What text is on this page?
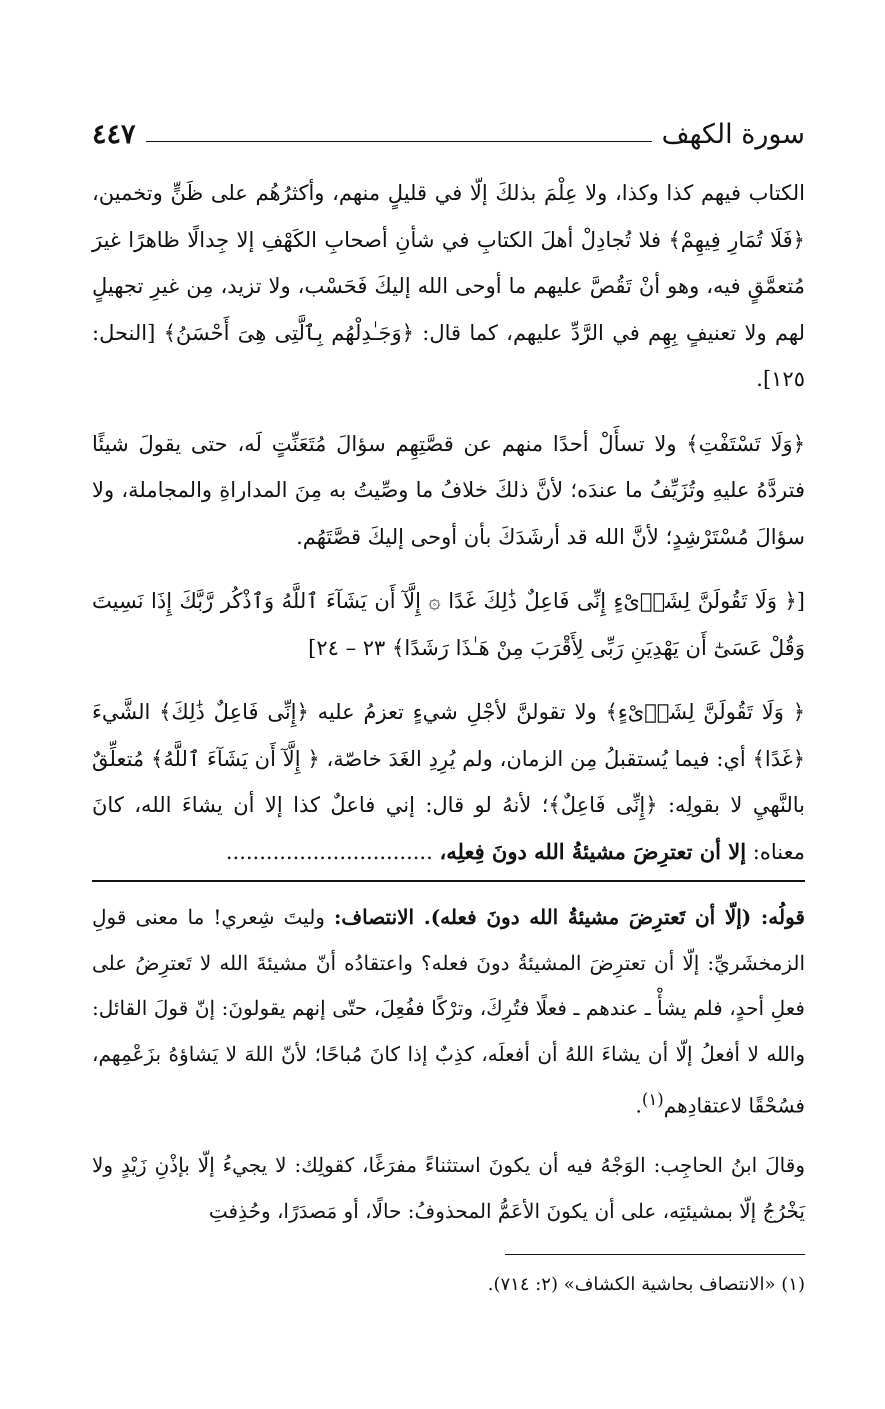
سورة الكهف
٤٤٧

الكتاب فيهم كذا وكذا، ولا عِلْمَ بذلكَ إلّا في قليلٍ منهم، وأكثرُهُم على ظَنٍّ وتخمين، ﴿فَلَا تُمَارِ فِيهِمْ﴾ فلا تُجادِلْ أهلَ الكتابِ في شأنِ أصحابِ الكَهْفِ إلا جِدالًا ظاهرًا غيرَ مُتعمَّقٍ فيه، وهو أنْ تَقُصَّ عليهم ما أوحى الله إليكَ فَحَسْب، ولا تزيد، مِن غيرِ تجهيلٍ لهم ولا تعنيفٍ بِهِم في الرَّدِّ عليهم، كما قال: ﴿وَجَـٰدِلْهُم بِٱلَّتِى هِىَ أَحْسَنُ﴾ [النحل: ١٢٥].

﴿وَلَا تَسْتَفْتِ﴾ ولا تسأَلْ أحدًا منهم عن قصَّتِهِم سؤالَ مُتَعَنِّتٍ لَه، حتى يقولَ شيئًا فتردَّهُ عليهِ وتُزَيِّفُ ما عندَه؛ لأنَّ ذلكَ خلافُ ما وصِّيتُ به مِنَ المداراةِ والمجاملة، ولا سؤالَ مُسْتَرْشِدٍ؛ لأنَّ الله قد أرشَدَكَ بأن أوحى إليكَ قصَّتَهُم.

[﴿ وَلَا تَقُولَنَّ لِشَا۟ىْءٍ إِنِّى فَاعِلٌ ذَٰلِكَ غَدًا ۞ إِلَّآ أَن يَشَآءَ ٱللَّهُ وَٱذْكُر رَّبَّكَ إِذَا نَسِيتَ وَقُلْ عَسَىٰٓ أَن يَهْدِيَنِ رَبِّى لِأَقْرَبَ مِنْ هَـٰذَا رَشَدًا﴾ ٢٣ – ٢٤]

﴿ وَلَا تَقُولَنَّ لِشَا۟ىْءٍ﴾ ولا تقولنَّ لأجْلِ شيءٍ تعزمُ عليه ﴿إِنِّى فَاعِلٌ ذَٰلِكَ﴾ الشَّيءَ ﴿غَدًا﴾ أي: فيما يُستقبلُ مِن الزمان، ولم يُرِدِ الغَدَ خاصّة، ﴿ إِلَّآ أَن يَشَآءَ ٱللَّهُ﴾ مُتعلِّقٌ بالنَّهيِ لا بقولِه: ﴿إِنِّى فَاعِلٌ﴾؛ لأنهُ لو قال: إني فاعلٌ كذا إلا أن يشاءَ الله، كانَ معناه: إلا أن تعترِضَ مشيئةُ الله دونَ فِعلِه، ...............................

قولُه: (إلّا أن تَعترِضَ مشيئةُ الله دونَ فعله). الانتصاف: وليتَ شِعري! ما معنى قولِ الزمخشَريِّ: إلّا أن تعترِضَ المشيئةُ دونَ فعله؟ واعتقادُه أنّ مشيئةَ الله لا تَعترِضُ على فعلِ أحدٍ، فلم يشأْ ـ عندهم ـ فعلًا فتُرِكَ، وترْكًا ففُعِلَ، حتّى إنهم يقولونَ: إنّ قولَ القائل: والله لا أفعلُ إلّا أن يشاءَ اللهُ أن أفعلَه، كذِبٌ إذا كانَ مُباحًا؛ لأنّ اللهَ لا يَشاؤهُ بزَعْمِهم، فسُحْقًا لاعتقادِهم$^{(١)}$.

وقالَ ابنُ الحاجِب: الوَجْهُ فيه أن يكونَ استثناءً مفرَغًا، كقولِك: لا يجيءُ إلّا بإذْنِ زَيْدٍ ولا يَخْرُجُ إلّا بمشيئتِه، على أن يكونَ الأعَمُّ المحذوفُ: حالًا، أو مَصدَرًا، وحُذِفتِ

(١) «الانتصاف بحاشية الكشاف» (٢: ٧١٤).
